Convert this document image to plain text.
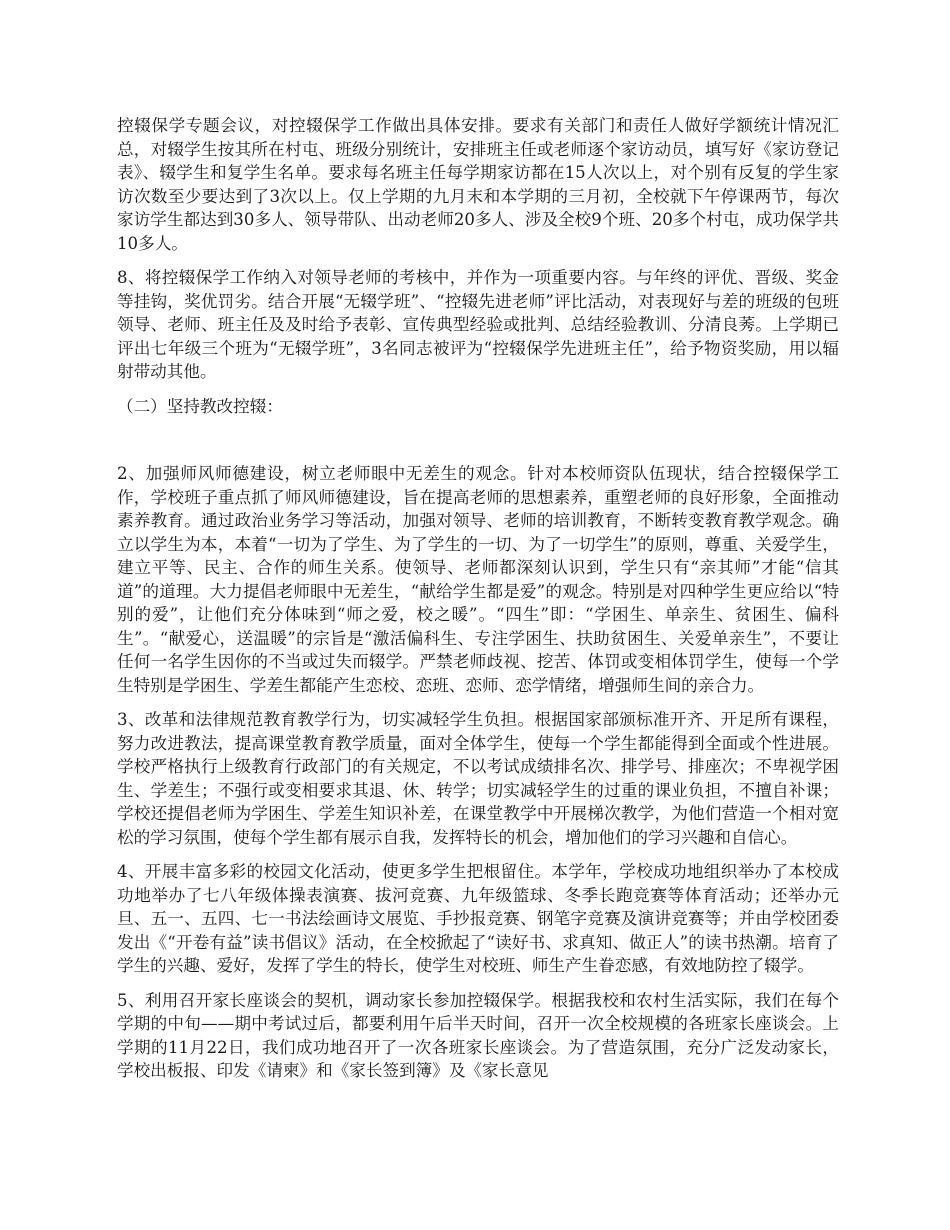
控辍保学专题会议，对控辍保学工作做出具体安排。要求有关部门和责任人做好学额统计情况汇总，对辍学生按其所在村屯、班级分别统计，安排班主任或老师逐个家访动员，填写好《家访登记表》、辍学生和复学生名单。要求每名班主任每学期家访都在15人次以上，对个别有反复的学生家访次数至少要达到了3次以上。仅上学期的九月末和本学期的三月初，全校就下午停课两节，每次家访学生都达到30多人、领导带队、出动老师20多人、涉及全校9个班、20多个村屯，成功保学共10多人。

8、将控辍保学工作纳入对领导老师的考核中，并作为一项重要内容。与年终的评优、晋级、奖金等挂钩，奖优罚劣。结合开展“无辍学班”、“控辍先进老师”评比活动，对表现好与差的班级的包班领导、老师、班主任及及时给予表彰、宣传典型经验或批判、总结经验教训、分清良莠。上学期已评出七年级三个班为“无辍学班”，3名同志被评为“控辍保学先进班主任”，给予物资奖励，用以辐射带动其他。

（二）坚持教改控辍：

2、加强师风师德建设，树立老师眼中无差生的观念。针对本校师资队伍现状，结合控辍保学工作，学校班子重点抓了师风师德建设，旨在提高老师的思想素养，重塑老师的良好形象，全面推动素养教育。通过政治业务学习等活动，加强对领导、老师的培训教育，不断转变教育教学观念。确立以学生为本，本着“一切为了学生、为了学生的一切、为了一切学生”的原则，尊重、关爱学生，建立平等、民主、合作的师生关系。使领导、老师都深刻认识到，学生只有“亲其师”才能“信其道”的道理。大力提倡老师眼中无差生，“献给学生都是爱”的观念。特别是对四种学生更应给以“特别的爱”，让他们充分体味到“师之爱，校之暖”。“四生”即：“学困生、单亲生、贫困生、偏科生”。“献爱心，送温暖”的宗旨是“激活偏科生、专注学困生、扶助贫困生、关爱单亲生”，不要让任何一名学生因你的不当或过失而辍学。严禁老师歧视、挖苦、体罚或变相体罚学生，使每一个学生特别是学困生、学差生都能产生恋校、恋班、恋师、恋学情绪，增强师生间的亲合力。

3、改革和法律规范教育教学行为，切实减轻学生负担。根据国家部颁标准开齐、开足所有课程，努力改进教法，提高课堂教育教学质量，面对全体学生，使每一个学生都能得到全面或个性进展。学校严格执行上级教育行政部门的有关规定，不以考试成绩排名次、排学号、排座次；不卑视学困生、学差生；不强行或变相要求其退、休、转学；切实减轻学生的过重的课业负担，不擅自补课；学校还提倡老师为学困生、学差生知识补差，在课堂教学中开展梯次教学，为他们营造一个相对宽松的学习氛围，使每个学生都有展示自我，发挥特长的机会，增加他们的学习兴趣和自信心。

4、开展丰富多彩的校园文化活动，使更多学生把根留住。本学年，学校成功地组织举办了本校成功地举办了七八年级体操表演赛、拔河竞赛、九年级篮球、冬季长跑竞赛等体育活动；还举办元旦、五一、五四、七一书法绘画诗文展览、手抄报竞赛、钢笔字竞赛及演讲竞赛等；并由学校团委发出《“开卷有益”读书倡议》活动，在全校掀起了“读好书、求真知、做正人”的读书热潮。培育了学生的兴趣、爱好，发挥了学生的特长，使学生对校班、师生产生眷恋感，有效地防控了辍学。

5、利用召开家长座谈会的契机，调动家长参加控辍保学。根据我校和农村生活实际，我们在每个学期的中旬——期中考试过后，都要利用午后半天时间，召开一次全校规模的各班家长座谈会。上学期的11月22日，我们成功地召开了一次各班家长座谈会。为了营造氛围，充分广泛发动家长，学校出板报、印发《请柬》和《家长签到簿》及《家长意见
